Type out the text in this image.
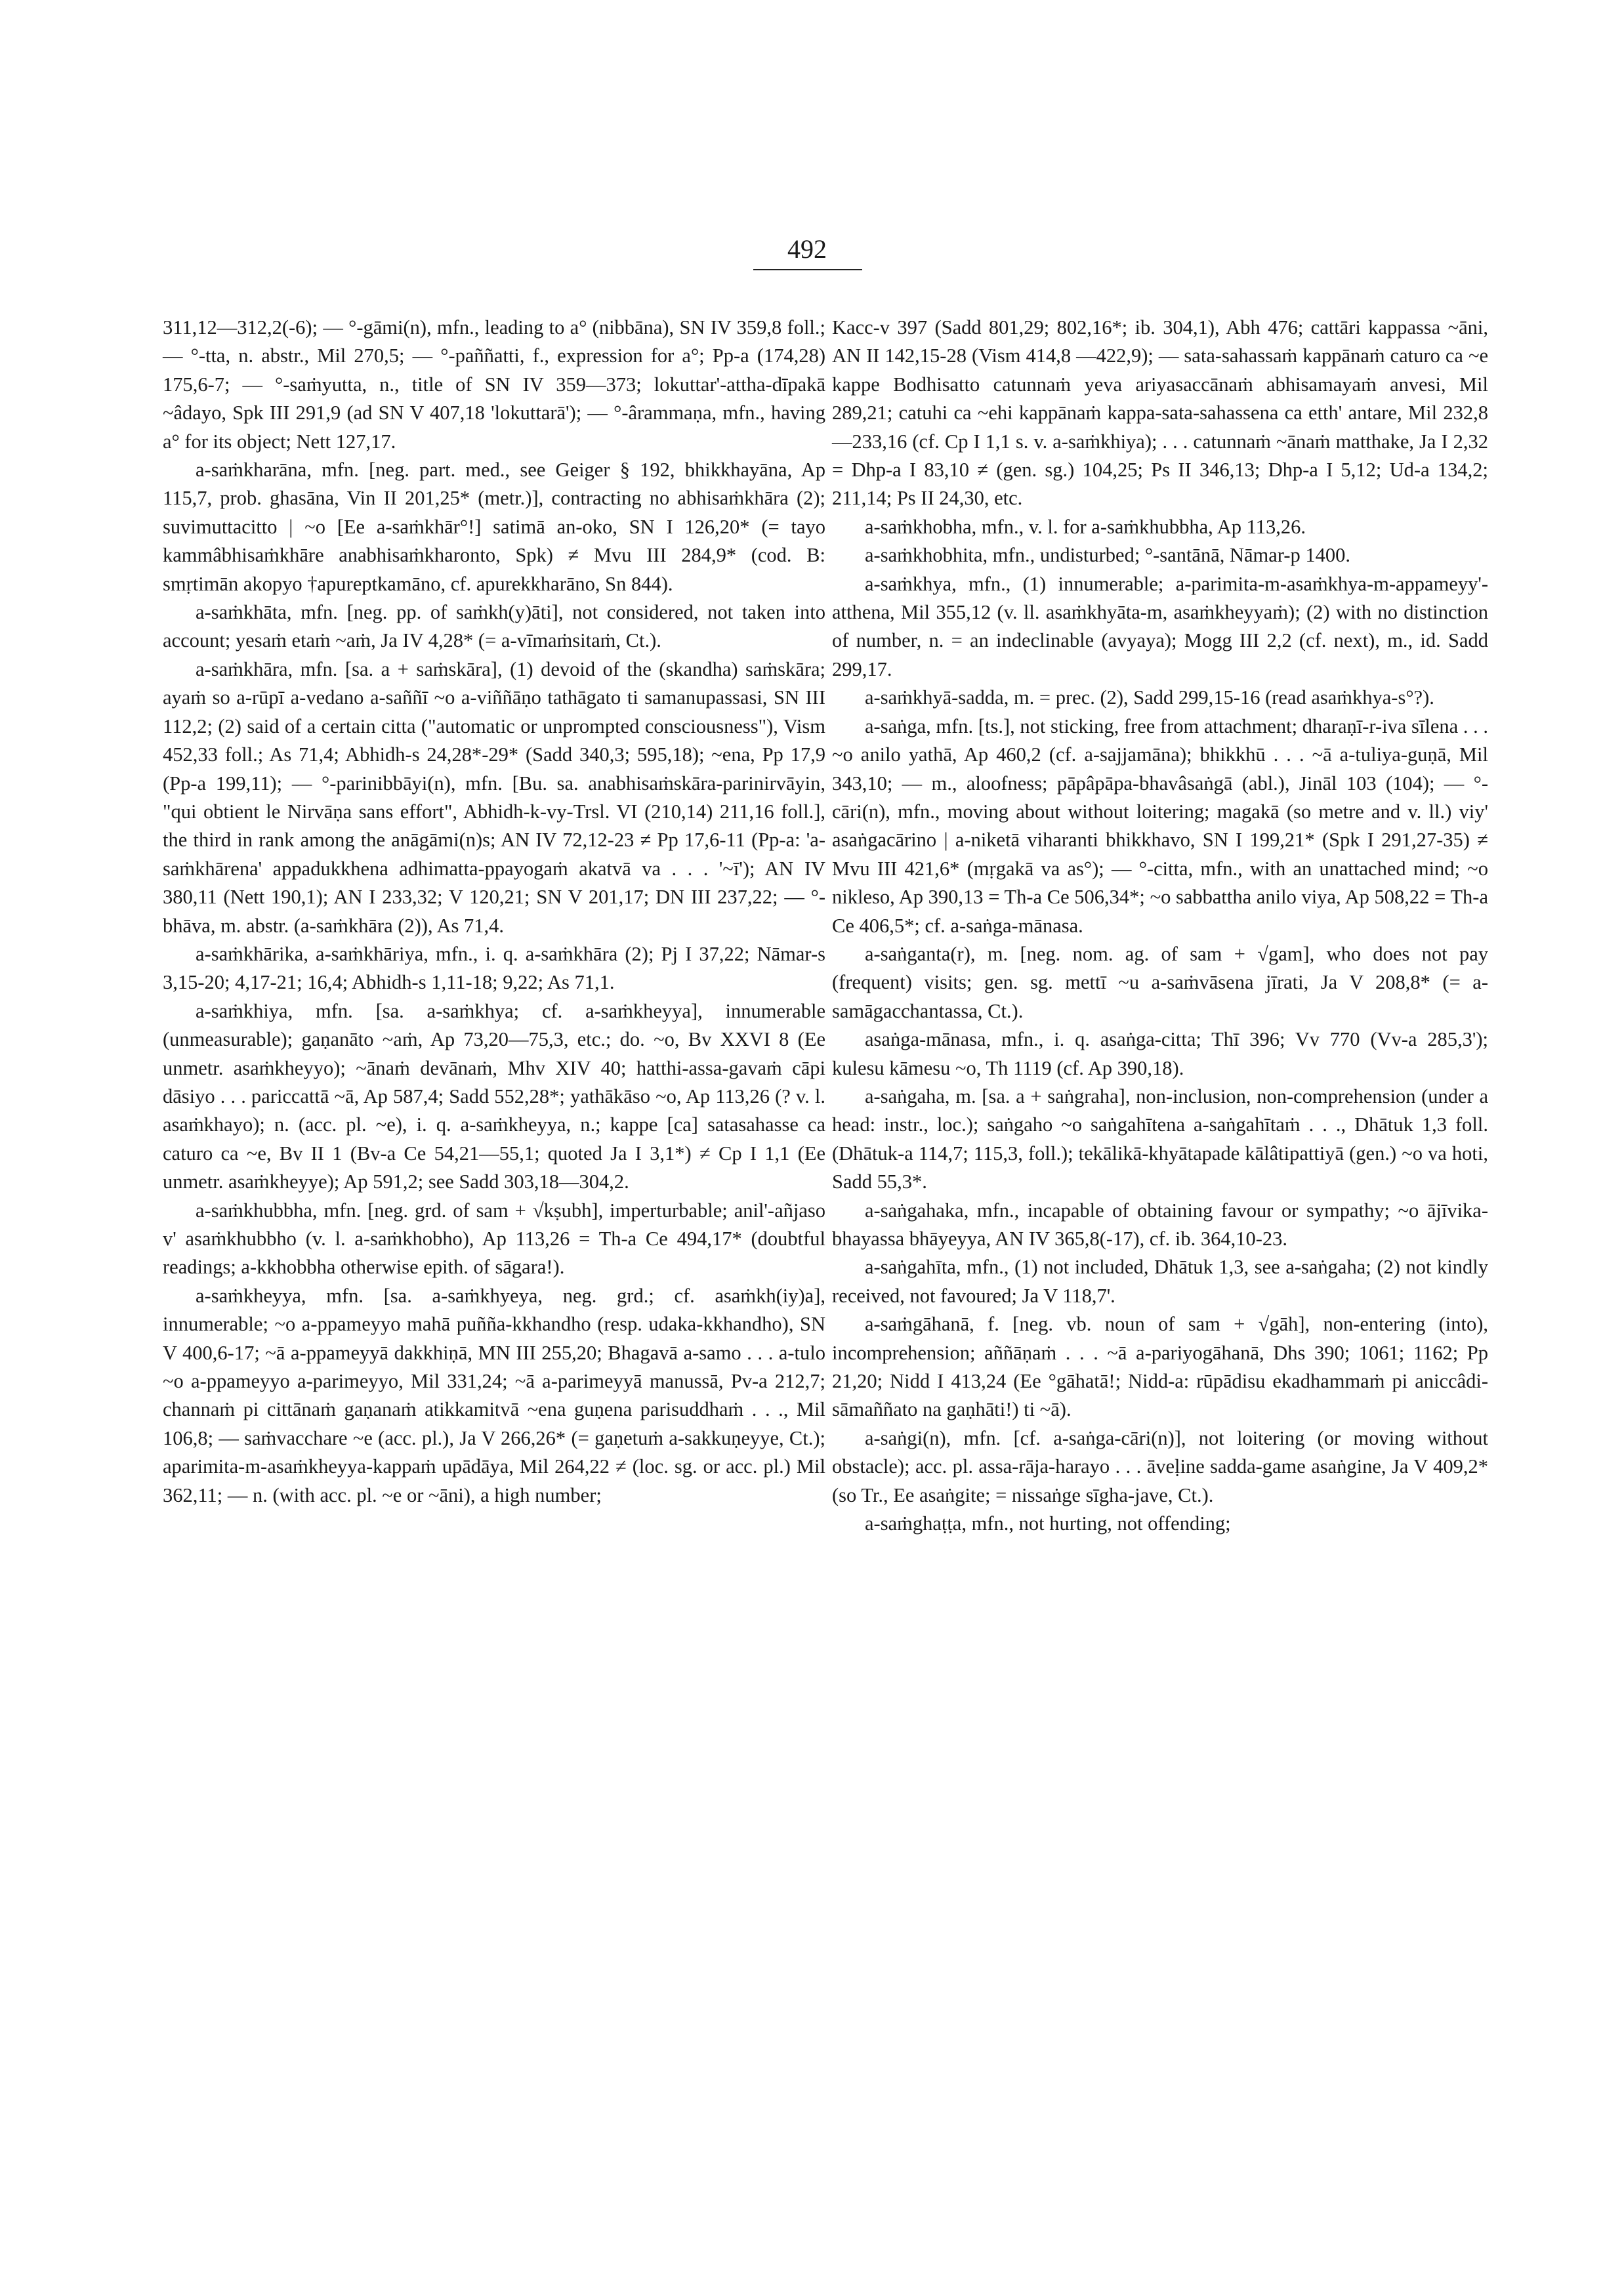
492

311,12—312,2(-6); — °-gāmi(n), mfn., leading to a° (nibbāna), SN IV 359,8 foll.; — °-tta, n. abstr., Mil 270,5; — °-paññatti, f., expression for a°; Pp-a (174,28) 175,6-7; — °-saṁyutta, n., title of SN IV 359—373; lokuttar'-attha-dīpakā ~âdayo, Spk III 291,9 (ad SN V 407,18 'lokuttarā'); — °-ârammaṇa, mfn., having a° for its object; Nett 127,17.

a-saṁkharāna, mfn. [neg. part. med., see Geiger § 192, bhikkhayāna, Ap 115,7, prob. ghasāna, Vin II 201,25* (metr.)], contracting no abhisaṁkhāra (2); suvimuttacitto | ~o [Ee a-saṁkhār°!] satimā an-oko, SN I 126,20* (= tayo kammâbhisaṁkhāre anabhisaṁkharonto, Spk) ≠ Mvu III 284,9* (cod. B: smṛtimān akopyo †apureptkamāno, cf. apurekkharāno, Sn 844).

a-saṁkhāta, mfn. [neg. pp. of saṁkh(y)āti], not considered, not taken into account; yesaṁ etaṁ ~aṁ, Ja IV 4,28* (= a-vīmaṁsitaṁ, Ct.).

a-saṁkhāra, mfn. [sa. a + saṁskāra], (1) devoid of the (skandha) saṁskāra; ayaṁ so a-rūpī a-vedano a-saññī ~o a-viññāṇo tathāgato ti samanupassasi, SN III 112,2; (2) said of a certain citta ("automatic or unprompted consciousness"), Vism 452,33 foll.; As 71,4; Abhidh-s 24,28*-29* (Sadd 340,3; 595,18); ~ena, Pp 17,9 (Pp-a 199,11); — °-parinibbāyi(n), mfn. [Bu. sa. anabhisaṁskāra-parinirvāyin, "qui obtient le Nirvāṇa sans effort", Abhidh-k-vy-Trsl. VI (210,14) 211,16 foll.], the third in rank among the anāgāmi(n)s; AN IV 72,12-23 ≠ Pp 17,6-11 (Pp-a: 'a-saṁkhārena' appadukkhena adhimatta-ppayogaṁ akatvā va . . . '~ī'); AN IV 380,11 (Nett 190,1); AN I 233,32; V 120,21; SN V 201,17; DN III 237,22; — °-bhāva, m. abstr. (a-saṁkhāra (2)), As 71,4.

a-saṁkhārika, a-saṁkhāriya, mfn., i. q. a-saṁkhāra (2); Pj I 37,22; Nāmar-s 3,15-20; 4,17-21; 16,4; Abhidh-s 1,11-18; 9,22; As 71,1.

a-saṁkhiya, mfn. [sa. a-saṁkhya; cf. a-saṁkheyya], innumerable (unmeasurable); gaṇanāto ~aṁ, Ap 73,20—75,3, etc.; do. ~o, Bv XXVI 8 (Ee unmetr. asaṁkheyyo); ~ānaṁ devānaṁ, Mhv XIV 40; hatthi-assa-gavaṁ cāpi dāsiyo . . . pariccattā ~ā, Ap 587,4; Sadd 552,28*; yathākāso ~o, Ap 113,26 (? v. l. asaṁkhayo); n. (acc. pl. ~e), i. q. a-saṁkheyya, n.; kappe [ca] satasahasse ca caturo ca ~e, Bv II 1 (Bv-a Ce 54,21—55,1; quoted Ja I 3,1*) ≠ Cp I 1,1 (Ee unmetr. asaṁkheyye); Ap 591,2; see Sadd 303,18—304,2.

a-saṁkhubbha, mfn. [neg. grd. of sam + √kṣubh], imperturbable; anil'-añjaso v' asaṁkhubbho (v. l. a-saṁkhobho), Ap 113,26 = Th-a Ce 494,17* (doubtful readings; a-kkhobbha otherwise epith. of sāgara!).

a-saṁkheyya, mfn. [sa. a-saṁkhyeya, neg. grd.; cf. asaṁkh(iy)a], innumerable; ~o a-ppameyyo mahā puñña-kkhandho (resp. udaka-kkhandho), SN V 400,6-17; ~ā a-ppameyyā dakkhiṇā, MN III 255,20; Bhagavā a-samo . . . a-tulo ~o a-ppameyyo a-parimeyyo, Mil 331,24; ~ā a-parimeyyā manussā, Pv-a 212,7; channaṁ pi cittānaṁ gaṇanaṁ atikkamitvā ~ena guṇena parisuddhaṁ . . ., Mil 106,8; — saṁvacchare ~e (acc. pl.), Ja V 266,26* (= gaṇetuṁ a-sakkuṇeyye, Ct.); aparimita-m-asaṁkheyya-kappaṁ upādāya, Mil 264,22 ≠ (loc. sg. or acc. pl.) Mil 362,11; — n. (with acc. pl. ~e or ~āni), a high number;

Kacc-v 397 (Sadd 801,29; 802,16*; ib. 304,1), Abh 476; cattāri kappassa ~āni, AN II 142,15-28 (Vism 414,8 —422,9); — sata-sahassaṁ kappānaṁ caturo ca ~e kappe Bodhisatto catunnaṁ yeva ariyasaccānaṁ abhisamayaṁ anvesi, Mil 289,21; catuhi ca ~ehi kappānaṁ kappa-sata-sahassena ca etth' antare, Mil 232,8—233,16 (cf. Cp I 1,1 s. v. a-saṁkhiya); . . . catunnaṁ ~ānaṁ matthake, Ja I 2,32 = Dhp-a I 83,10 ≠ (gen. sg.) 104,25; Ps II 346,13; Dhp-a I 5,12; Ud-a 134,2; 211,14; Ps II 24,30, etc.

a-saṁkhobha, mfn., v. l. for a-saṁkhubbha, Ap 113,26.

a-saṁkhobhita, mfn., undisturbed; °-santānā, Nāmar-p 1400.

a-saṁkhya, mfn., (1) innumerable; a-parimita-m-asaṁkhya-m-appameyy'-atthena, Mil 355,12 (v. ll. asaṁkhyāta-m, asaṁkheyyaṁ); (2) with no distinction of number, n. = an indeclinable (avyaya); Mogg III 2,2 (cf. next), m., id. Sadd 299,17.

a-saṁkhyā-sadda, m. = prec. (2), Sadd 299,15-16 (read asaṁkhya-s°?).

a-saṅga, mfn. [ts.], not sticking, free from attachment; dharaṇī-r-iva sīlena . . . ~o anilo yathā, Ap 460,2 (cf. a-sajjamāna); bhikkhū . . . ~ā a-tuliya-guṇā, Mil 343,10; — m., aloofness; pāpâpāpa-bhavâsaṅgā (abl.), Jināl 103 (104); — °-cāri(n), mfn., moving about without loitering; magakā (so metre and v. ll.) viy' asaṅgacārino | a-niketā viharanti bhikkhavo, SN I 199,21* (Spk I 291,27-35) ≠ Mvu III 421,6* (mṛgakā va as°); — °-citta, mfn., with an unattached mind; ~o nikleso, Ap 390,13 = Th-a Ce 506,34*; ~o sabbattha anilo viya, Ap 508,22 = Th-a Ce 406,5*; cf. a-saṅga-mānasa.

a-saṅganta(r), m. [neg. nom. ag. of sam + √gam], who does not pay (frequent) visits; gen. sg. mettī ~u a-saṁvāsena jīrati, Ja V 208,8* (= a-samāgacchantassa, Ct.).

asaṅga-mānasa, mfn., i. q. asaṅga-citta; Thī 396; Vv 770 (Vv-a 285,3'); kulesu kāmesu ~o, Th 1119 (cf. Ap 390,18).

a-saṅgaha, m. [sa. a + saṅgraha], non-inclusion, non-comprehension (under a head: instr., loc.); saṅgaho ~o saṅgahītena a-saṅgahītaṁ . . ., Dhātuk 1,3 foll. (Dhātuk-a 114,7; 115,3, foll.); tekālikā-khyātapade kālâtipattiyā (gen.) ~o va hoti, Sadd 55,3*.

a-saṅgahaka, mfn., incapable of obtaining favour or sympathy; ~o ājīvika-bhayassa bhāyeyya, AN IV 365,8(-17), cf. ib. 364,10-23.

a-saṅgahīta, mfn., (1) not included, Dhātuk 1,3, see a-saṅgaha; (2) not kindly received, not favoured; Ja V 118,7'.

a-saṁgāhanā, f. [neg. vb. noun of sam + √gāh], non-entering (into), incomprehension; aññāṇaṁ . . . ~ā a-pariyogāhanā, Dhs 390; 1061; 1162; Pp 21,20; Nidd I 413,24 (Ee °gāhatā!; Nidd-a: rūpādisu ekadhammaṁ pi aniccâdi-sāmaññato na gaṇhāti!) ti ~ā).

a-saṅgi(n), mfn. [cf. a-saṅga-cāri(n)], not loitering (or moving without obstacle); acc. pl. assa-rāja-harayo . . . āveḷine sadda-game asaṅgine, Ja V 409,2* (so Tr., Ee asaṅgite; = nissaṅge sīgha-jave, Ct.).

a-saṁghaṭṭa, mfn., not hurting, not offending;
